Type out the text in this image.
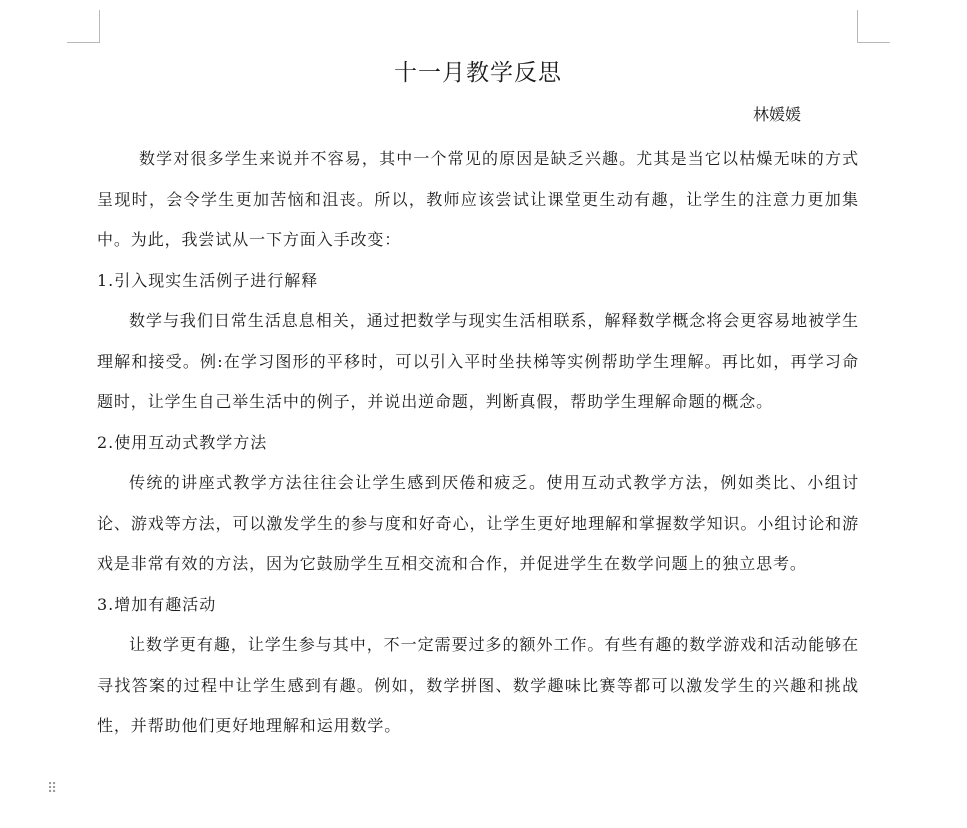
十一月教学反思

林媛媛

数学对很多学生来说并不容易，其中一个常见的原因是缺乏兴趣。尤其是当它以枯燥无味的方式呈现时，会令学生更加苦恼和沮丧。所以，教师应该尝试让课堂更生动有趣，让学生的注意力更加集中。为此，我尝试从一下方面入手改变：

1.引入现实生活例子进行解释

数学与我们日常生活息息相关，通过把数学与现实生活相联系，解释数学概念将会更容易地被学生理解和接受。例:在学习图形的平移时，可以引入平时坐扶梯等实例帮助学生理解。再比如，再学习命题时，让学生自己举生活中的例子，并说出逆命题，判断真假，帮助学生理解命题的概念。

2.使用互动式教学方法

传统的讲座式教学方法往往会让学生感到厌倦和疲乏。使用互动式教学方法，例如类比、小组讨论、游戏等方法，可以激发学生的参与度和好奇心，让学生更好地理解和掌握数学知识。小组讨论和游戏是非常有效的方法，因为它鼓励学生互相交流和合作，并促进学生在数学问题上的独立思考。

3.增加有趣活动

让数学更有趣，让学生参与其中，不一定需要过多的额外工作。有些有趣的数学游戏和活动能够在寻找答案的过程中让学生感到有趣。例如，数学拼图、数学趣味比赛等都可以激发学生的兴趣和挑战性，并帮助他们更好地理解和运用数学。

⠿
